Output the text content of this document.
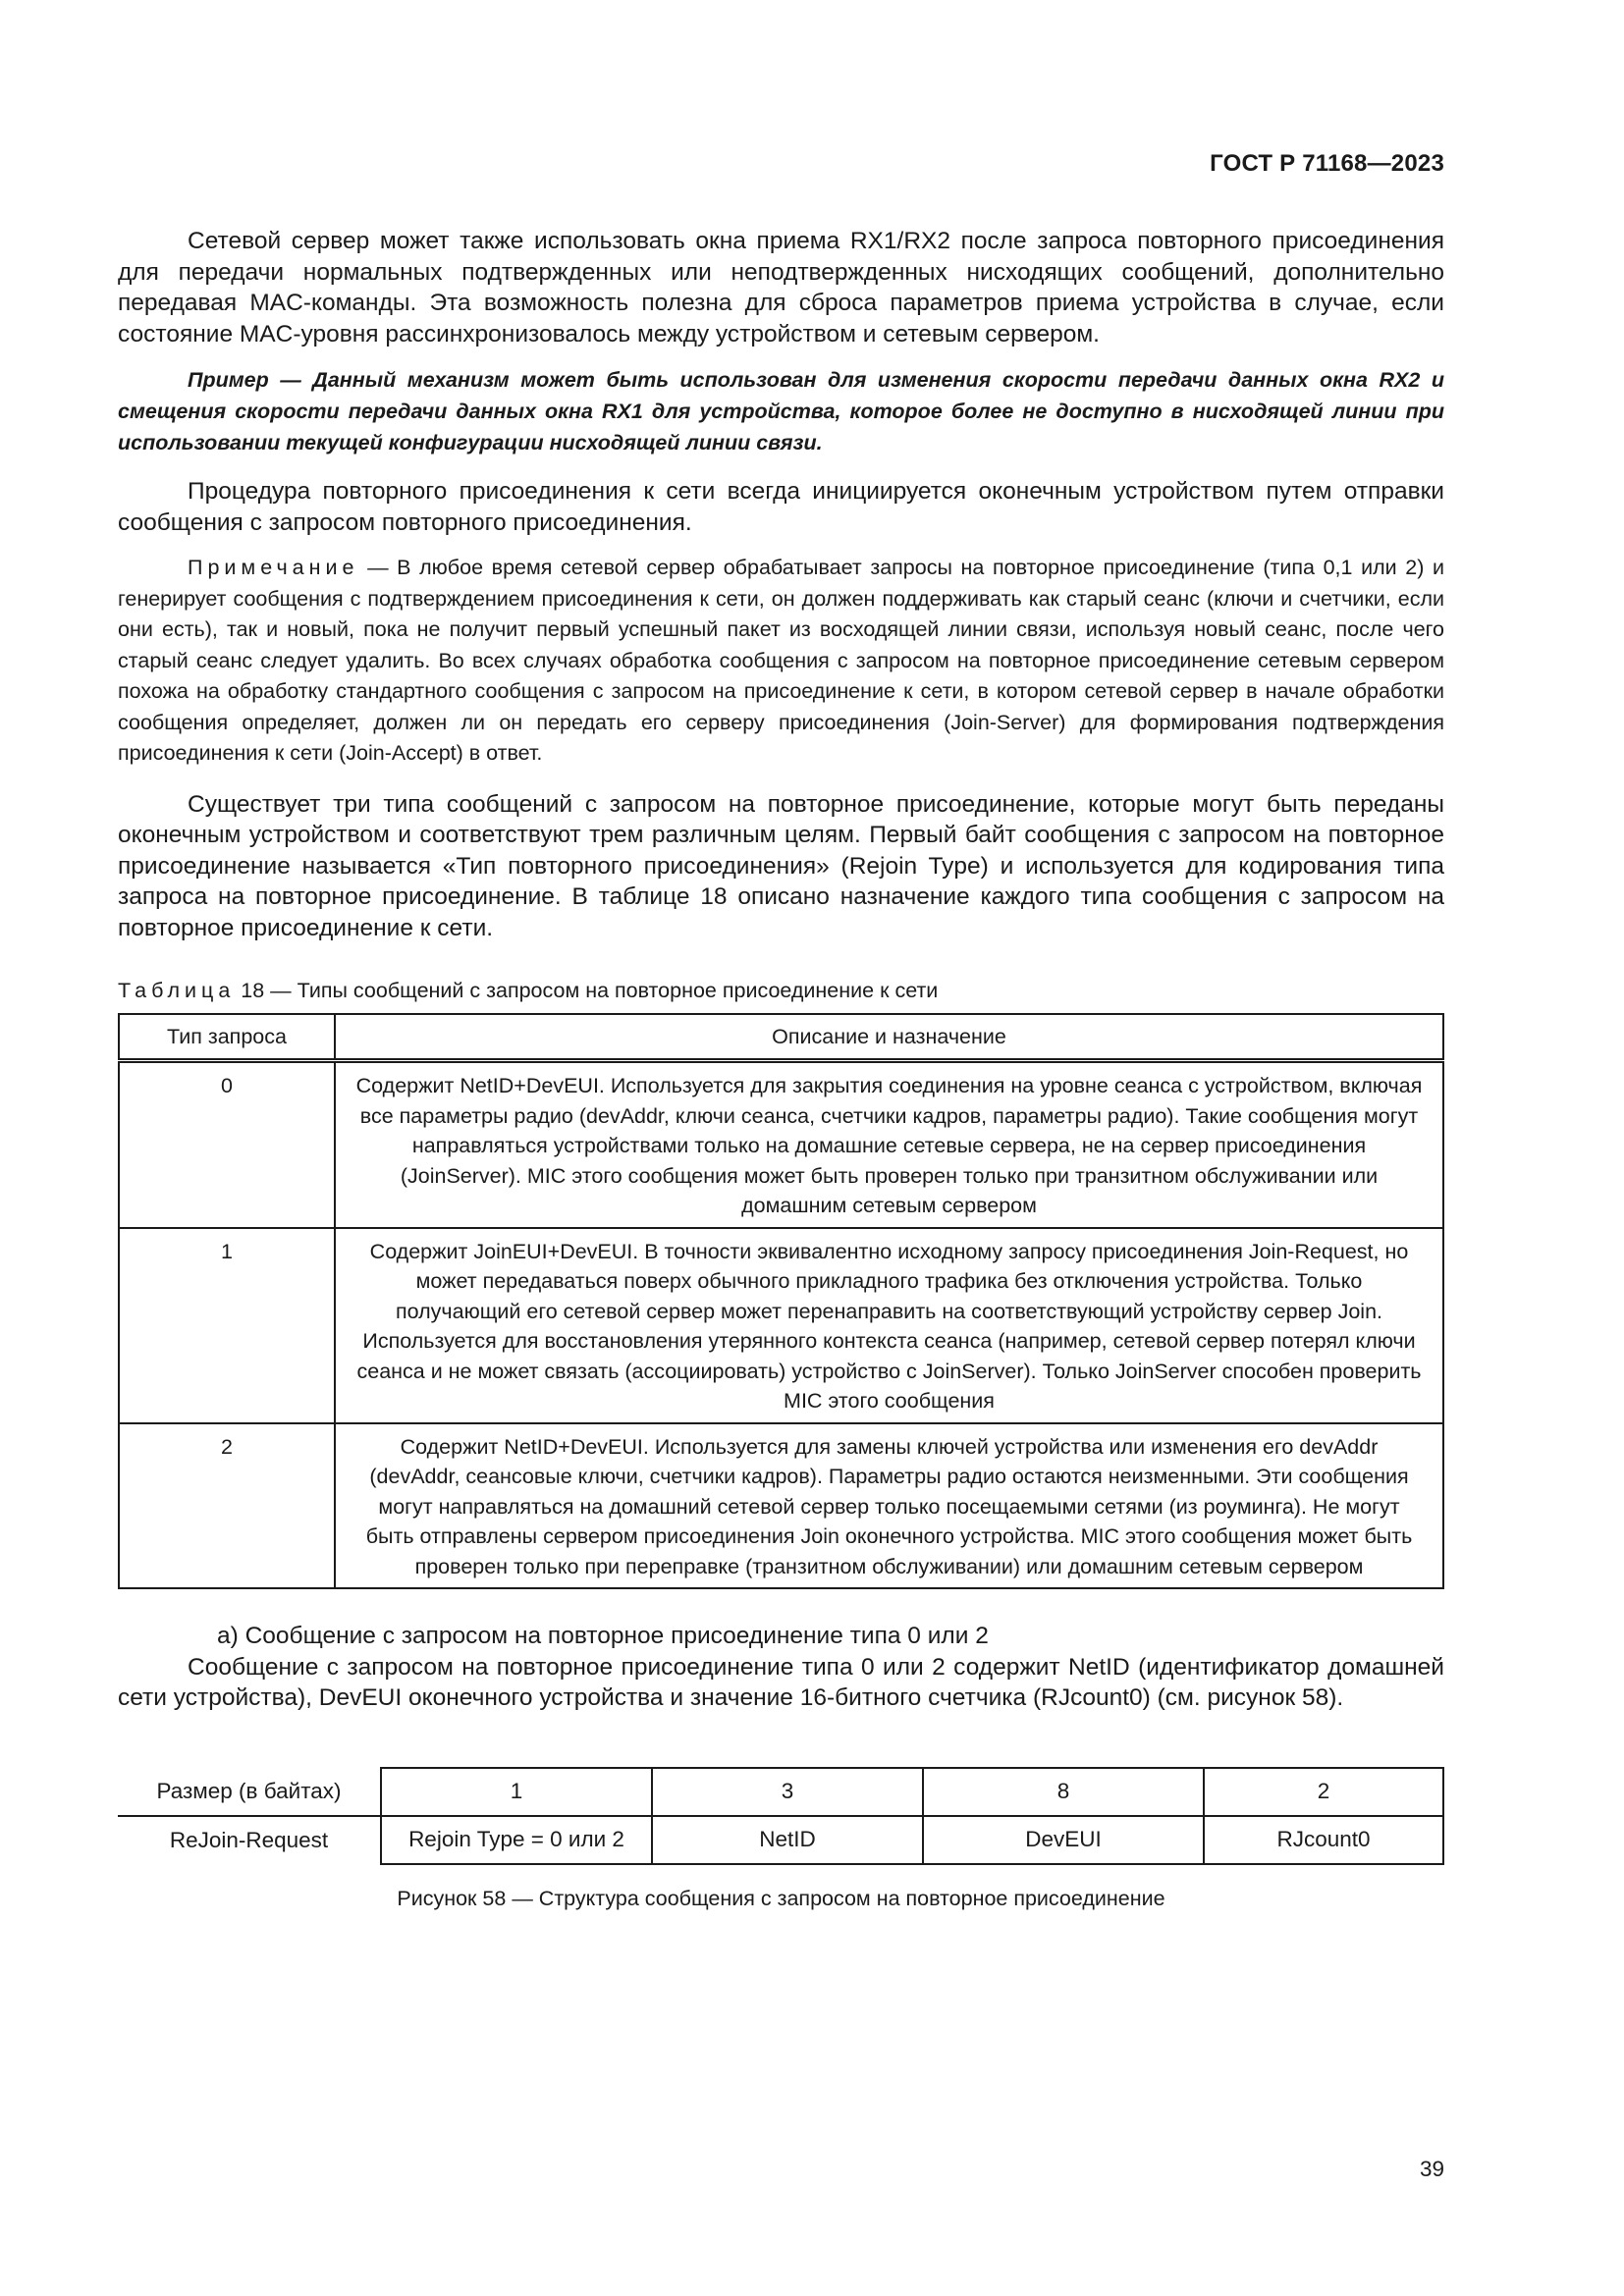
ГОСТ Р 71168—2023

Сетевой сервер может также использовать окна приема RX1/RX2 после запроса повторного присоединения для передачи нормальных подтвержденных или неподтвержденных нисходящих сообщений, дополнительно передавая MAC-команды. Эта возможность полезна для сброса параметров приема устройства в случае, если состояние MAC-уровня рассинхронизовалось между устройством и сетевым сервером.

Пример — Данный механизм может быть использован для изменения скорости передачи данных окна RX2 и смещения скорости передачи данных окна RX1 для устройства, которое более не доступно в нисходящей линии при использовании текущей конфигурации нисходящей линии связи.

Процедура повторного присоединения к сети всегда инициируется оконечным устройством путем отправки сообщения с запросом повторного присоединения.

Примечание — В любое время сетевой сервер обрабатывает запросы на повторное присоединение (типа 0,1 или 2) и генерирует сообщения с подтверждением присоединения к сети, он должен поддерживать как старый сеанс (ключи и счетчики, если они есть), так и новый, пока не получит первый успешный пакет из восходящей линии связи, используя новый сеанс, после чего старый сеанс следует удалить. Во всех случаях обработка сообщения с запросом на повторное присоединение сетевым сервером похожа на обработку стандартного сообщения с запросом на присоединение к сети, в котором сетевой сервер в начале обработки сообщения определяет, должен ли он передать его серверу присоединения (Join-Server) для формирования подтверждения присоединения к сети (Join-Accept) в ответ.

Существует три типа сообщений с запросом на повторное присоединение, которые могут быть переданы оконечным устройством и соответствуют трем различным целям. Первый байт сообщения с запросом на повторное присоединение называется «Тип повторного присоединения» (Rejoin Type) и используется для кодирования типа запроса на повторное присоединение. В таблице 18 описано назначение каждого типа сообщения с запросом на повторное присоединение к сети.

Таблица 18 — Типы сообщений с запросом на повторное присоединение к сети
Тип запроса	Описание и назначение
0	Содержит NetID+DevEUI. Используется для закрытия соединения на уровне сеанса с устройством, включая все параметры радио (devAddr, ключи сеанса, счетчики кадров, параметры радио). Такие сообщения могут направляться устройствами только на домашние сетевые сервера, не на сервер присоединения (JoinServer). MIC этого сообщения может быть проверен только при транзитном обслуживании или домашним сетевым сервером
1	Содержит JoinEUI+DevEUI. В точности эквивалентно исходному запросу присоединения Join-Request, но может передаваться поверх обычного прикладного трафика без отключения устройства. Только получающий его сетевой сервер может перенаправить на соответствующий устройству сервер Join. Используется для восстановления утерянного контекста сеанса (например, сетевой сервер потерял ключи сеанса и не может связать (ассоциировать) устройство с JoinServer). Только JoinServer способен проверить MIC этого сообщения
2	Содержит NetID+DevEUI. Используется для замены ключей устройства или изменения его devAddr (devAddr, сеансовые ключи, счетчики кадров). Параметры радио остаются неизменными. Эти сообщения могут направляться на домашний сетевой сервер только посещаемыми сетями (из роуминга). Не могут быть отправлены сервером присоединения Join оконечного устройства. MIC этого сообщения может быть проверен только при переправке (транзитном обслуживании) или домашним сетевым сервером

а) Сообщение с запросом на повторное присоединение типа 0 или 2

Сообщение с запросом на повторное присоединение типа 0 или 2 содержит NetID (идентификатор домашней сети устройства), DevEUI оконечного устройства и значение 16-битного счетчика (RJcount0) (см. рисунок 58).

Размер (в байтах)	1	3	8	2
ReJoin-Request	Rejoin Type = 0 или 2	NetID	DevEUI	RJcount0
Рисунок 58 — Структура сообщения с запросом на повторное присоединение
39
